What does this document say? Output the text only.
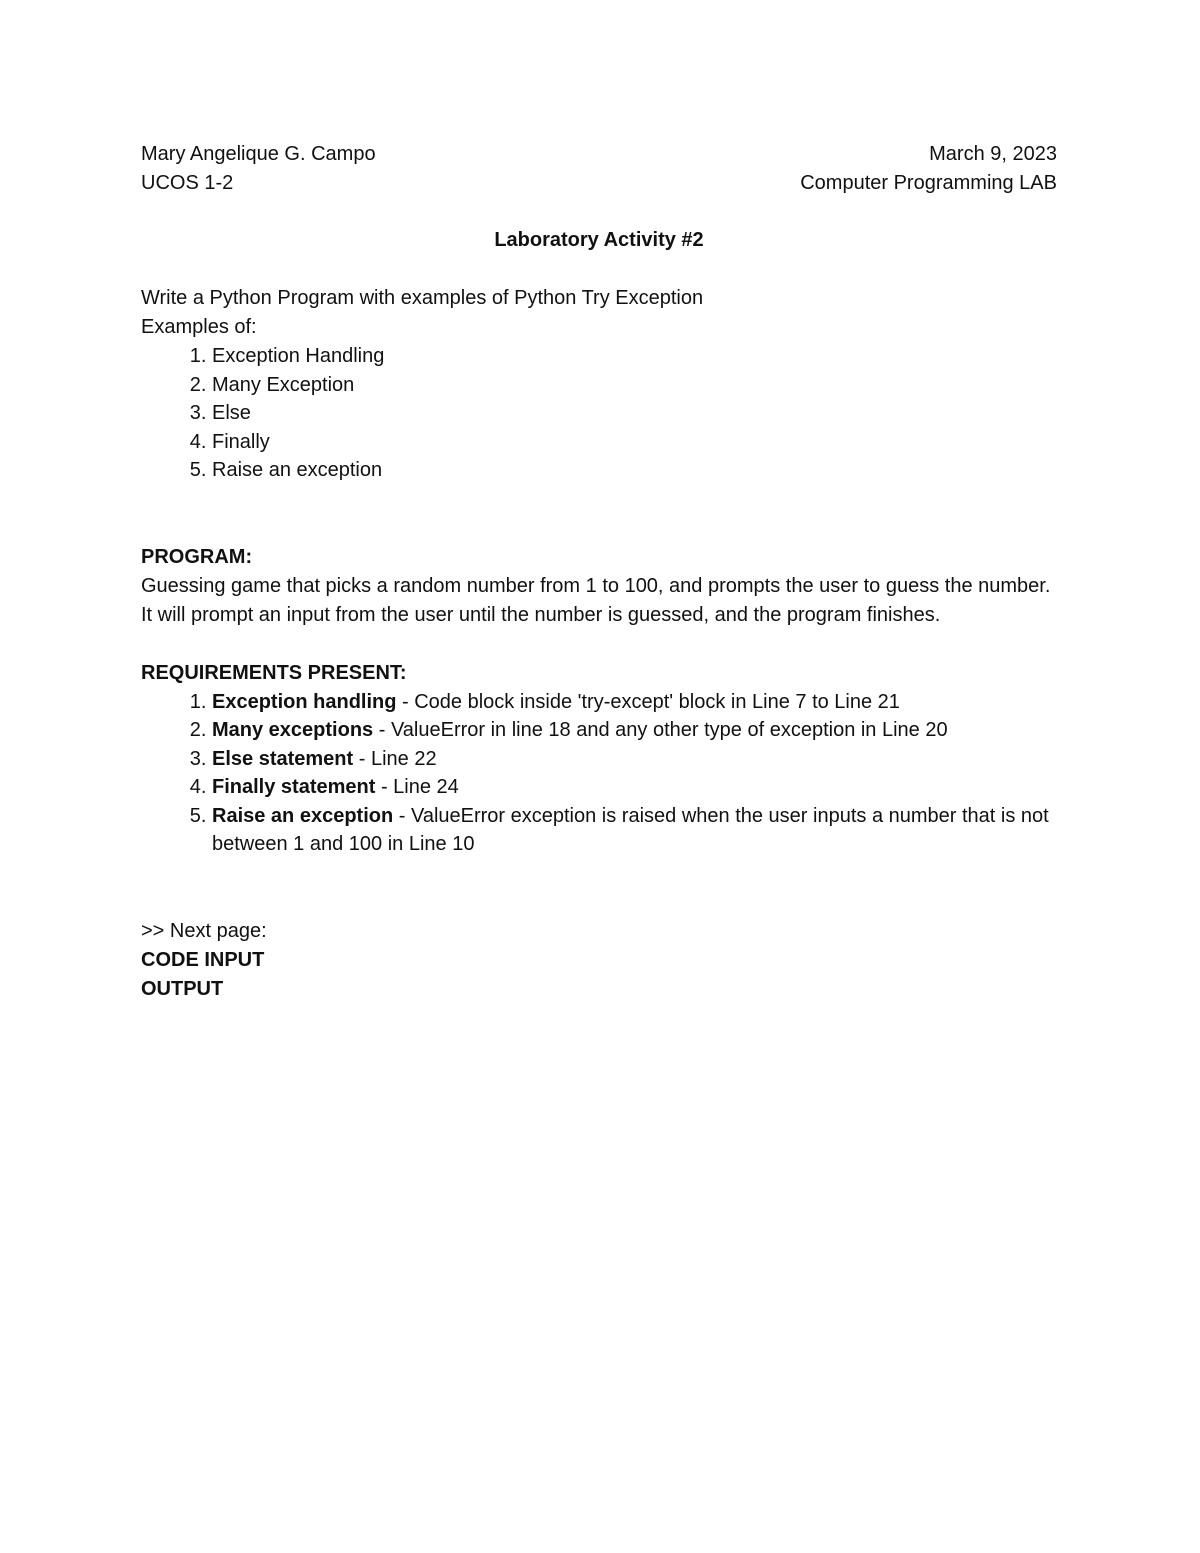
Mary Angelique G. Campo	March 9, 2023
UCOS 1-2	Computer Programming LAB
Laboratory Activity #2
Write a Python Program with examples of Python Try Exception
Examples of:
1. Exception Handling
2. Many Exception
3. Else
4. Finally
5. Raise an exception
PROGRAM:
Guessing game that picks a random number from 1 to 100, and prompts the user to guess the number. It will prompt an input from the user until the number is guessed, and the program finishes.
REQUIREMENTS PRESENT:
1. Exception handling - Code block inside 'try-except' block in Line 7 to Line 21
2. Many exceptions - ValueError in line 18 and any other type of exception in Line 20
3. Else statement - Line 22
4. Finally statement - Line 24
5. Raise an exception - ValueError exception is raised when the user inputs a number that is not between 1 and 100 in Line 10
>> Next page:
CODE INPUT
OUTPUT
